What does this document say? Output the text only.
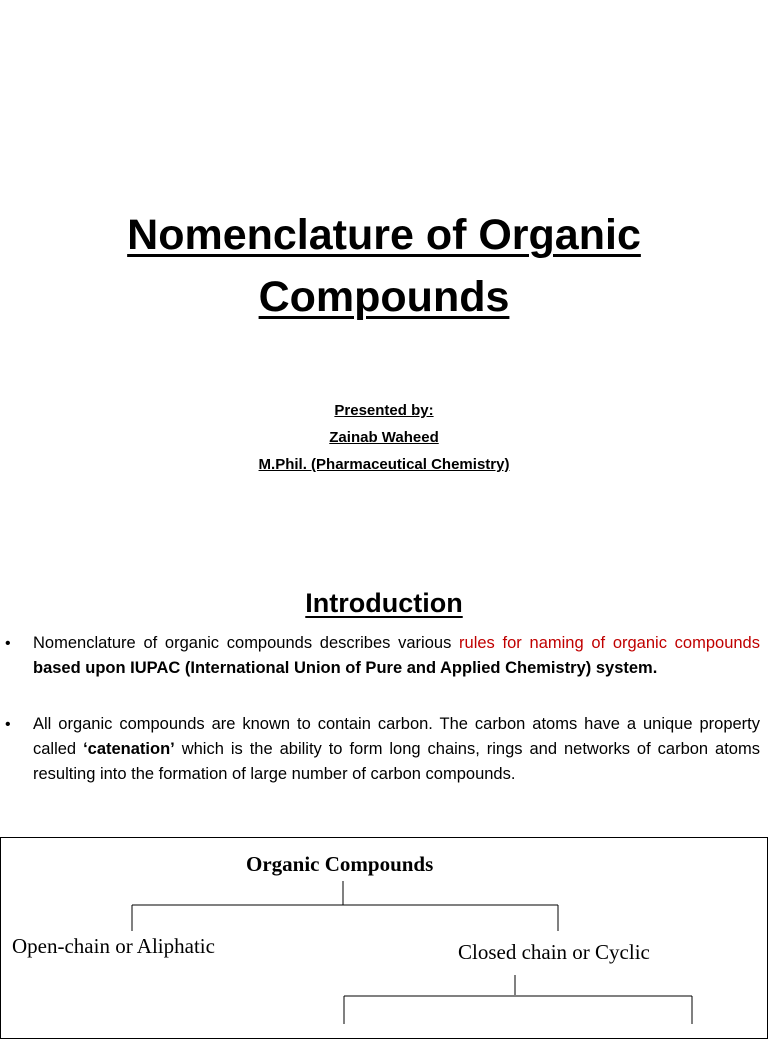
Nomenclature of Organic
Compounds
Presented by:
Zainab Waheed
M.Phil. (Pharmaceutical Chemistry)
Introduction
• Nomenclature of organic compounds describes various rules for naming of organic compounds based upon IUPAC (International Union of Pure and Applied Chemistry) system.
• All organic compounds are known to contain carbon. The carbon atoms have a unique property called ‘catenation’ which is the ability to form long chains, rings and networks of carbon atoms resulting into the formation of large number of carbon compounds.
Organic Compounds
Open-chain or Aliphatic	Closed chain or Cyclic
